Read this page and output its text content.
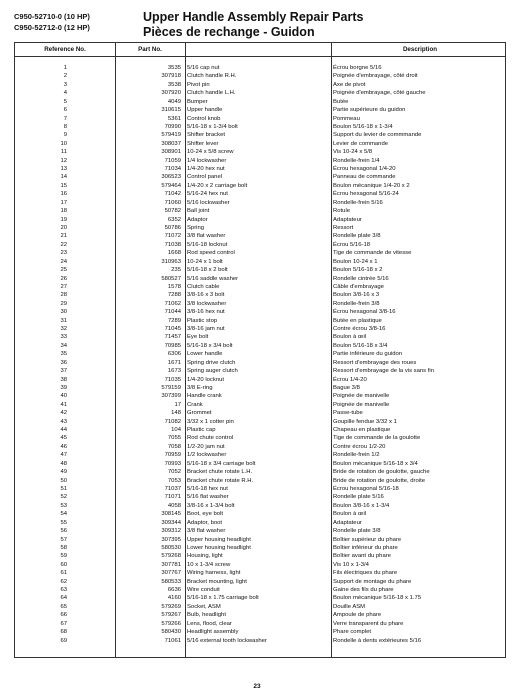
C950-52710-0 (10 HP)
C950-52712-0 (12 HP)
Upper Handle Assembly Repair Parts
Pièces de rechange - Guidon
Reference No.	Part No.	Description
1	3535 5/16 cap nut	Écrou borgne 5/16
2	307918 Clutch handle R.H.	Poignée d'embrayage, côté droit
3	3538 Pivot pin	Axe de pivot
4	307920 Clutch handle L.H.	Poignée d'embrayage, côté gauche
5	4049 Bumper	Butée
6	310615 Upper handle	Partie supérieure du guidon
7	5361 Control knob	Pommeau
8	70990 5/16-18 x 1-3/4 bolt	Boulon 5/16-18 x 1-3/4
9	579419 Shifter bracket	Support du levier de commmande
10	308037 Shifter lever	Levier de commande
11	308901 10-24 x 5/8 screw	Vis 10-24 x 5/8
12	71059 1/4 lockwasher	Rondelle-frein 1/4
13	71034 1/4-20 hex nut	Écrou hexagonal 1/4-20
14	306523 Control panel	Panneau de commande
15	579464 1/4-20 x 2 carriage bolt	Boulon mécanique 1/4-20 x 2
16	71042 5/16-24 hex nut	Écrou hexagonal 5/16-24
17	71060 5/16 lockwasher	Rondelle-frein 5/16
18	50782 Ball joint	Rotule
19	6352 Adaptor	Adaptateur
20	50786 Spring	Ressort
21	71072 3/8 flat washer	Rondelle plate 3/8
22	71038 5/16-18 locknut	Écrou 5/16-18
23	1668 Rod speed control	Tige de commande de vitesse
24	310963 10-24 x 1 bolt	Boulon 10-24 x 1
25	235 5/16-18 x 2 bolt	Boulon 5/16-18 x 2
26	580527 5/16 saddle washer	Rondelle cintrée 5/16
27	1578 Clutch cable	Câble d'embrayage
28	7288 3/8-16 x 3 bolt	Boulon 3/8-16 x 3
29	71062 3/8 lockwasher	Rondelle-frein 3/8
30	71044 3/8-16 hex nut	Écrou hexagonal 3/8-16
31	7289 Plastic stop	Butée en plastique
32	71045 3/8-16 jam nut	Contre écrou 3/8-16
33	71457 Eye bolt	Boulon à œil
34	70985 5/16-18 x 3/4 bolt	Boulon 5/16-18 x 3/4
35	6306 Lower handle	Partie inférieure du guidon
36	1671 Spring drive clutch	Ressort d'embrayage des roues
37	1673 Spring auger clutch	Ressort d'embrayage de la vis sans fin
38	71035 1/4-20 locknut	Écrou 1/4-20
39	579159 3/8 E-ring	Bague 3/8
40	307399 Handle crank	Poignée de manivelle
41	17 Crank	Poignée de manivelle
42	148 Grommet	Passe-tube
43	71082 3/32 x 1 cotter pin	Goupille fendue 3/32 x 1
44	104 Plastic cap	Chapeau en plastique
45	7055 Rod chute control	Tige de commande de la goulotte
46	7058 1/2-20 jam nut	Contre écrou 1/2-20
47	70959 1/2 lockwasher	Rondelle-frein 1/2
48	70993 5/16-18 x 3/4 carriage bolt	Boulon mécanique 5/16-18 x 3/4
49	7052 Bracket chute rotate L.H.	Bride de rotation de goulotte, gauche
50	7053 Bracket chute rotate R.H.	Bride de rotation de goulotte, droite
51	71037 5/16-18 hex nut	Écrou hexagonal 5/16-18
52	71071 5/16 flat washer	Rondelle plate 5/16
53	4058 3/8-16 x 1-3/4 bolt	Boulon 3/8-16 x 1-3/4
54	308145 Boot, eye bolt	Boulon à œil
55	309344 Adaptor, boot	Adaptateur
56	309312 3/8 flat washer	Rondelle plate 3/8
57	307395 Upper housing headlight	Boîtier supérieur du phare
58	580530 Lower housing headlight	Boîtier inférieur du phare
59	579268 Housing, light	Boîtier avant du phare
60	307781 10 x 1-3/4 screw	Vis 10 x 1-3/4
61	307767 Wiring harness, light	Fils électriques du phare
62	580533 Bracket mounting, light	Support de montage du phare
63	6636 Wire conduit	Gaine des fils du phare
64	4160 5/16-18 x 1.75 carriage bolt	Boulon mécanique 5/16-18 x 1.75
65	579269 Socket, ASM	Douille ASM
66	579267 Bulb, headlight	Ampoule de phare
67	579266 Lens, flood, clear	Verre transparent du phare
68	580430 Headlight assembly	Phare complet
69	71061 5/16 external tooth lockwasher	Rondelle à dents extérieures 5/16
23
